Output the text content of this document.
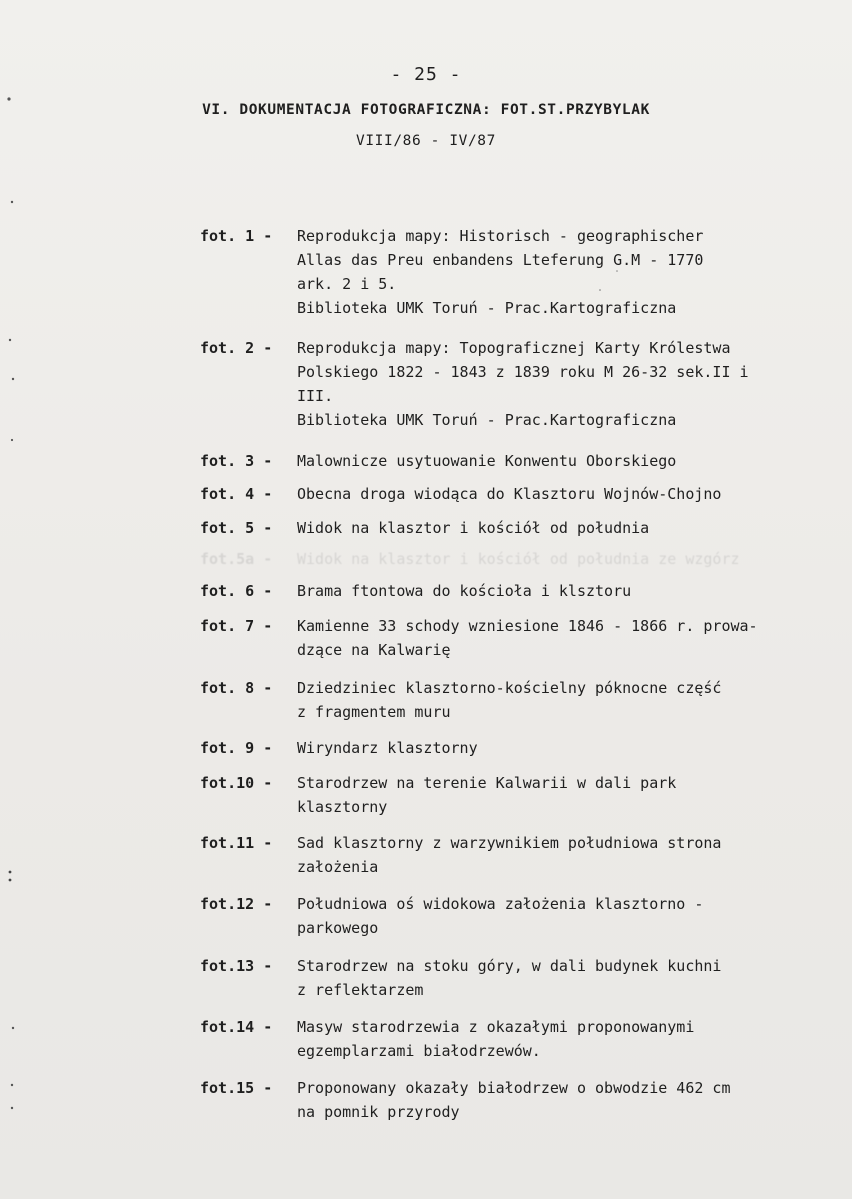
- 25 -
VI. DOKUMENTACJA FOTOGRAFICZNA: FOT.ST.PRZYBYLAK
VIII/86 - IV/87
fot. 1 -	Reprodukcja mapy: Historisch - geographischer
Allas das Preu enbandens Lteferung G.M - 1770
ark. 2 i 5.
Biblioteka UMK Toruń - Prac.Kartograficzna
fot. 2 -	Reprodukcja mapy: Topograficznej Karty Królestwa
Polskiego 1822 - 1843 z 1839 roku M 26-32 sek.II i
III.
Biblioteka UMK Toruń - Prac.Kartograficzna
fot. 3 -	Malownicze usytuowanie Konwentu Oborskiego
fot. 4 -	Obecna droga wiodąca do Klasztoru Wojnów-Chojno
fot. 5 -	Widok na klasztor i kościół od południa
fot.5a -	Widok na klasztor i kościół od południa ze wzgórz
fot. 6 -	Brama ftontowa do kościoła i klsztoru
fot. 7 -	Kamienne 33 schody wzniesione 1846 - 1866 r. prowa-
dzące na Kalwarię
fot. 8 -	Dziedziniec klasztorno-kościelny póknocne część
z fragmentem muru
fot. 9 -	Wiryndarz klasztorny
fot.10 -	Starodrzew na terenie Kalwarii w dali park
klasztorny
fot.11 -	Sad klasztorny z warzywnikiem południowa strona
założenia
fot.12 -	Południowa oś widokowa założenia klasztorno -
parkowego
fot.13 -	Starodrzew na stoku góry, w dali budynek kuchni
z reflektarzem
fot.14 -	Masyw starodrzewia z okazałymi proponowanymi
egzemplarzami białodrzewów.
fot.15 -	Proponowany okazały białodrzew o obwodzie 462 cm
na pomnik przyrody
